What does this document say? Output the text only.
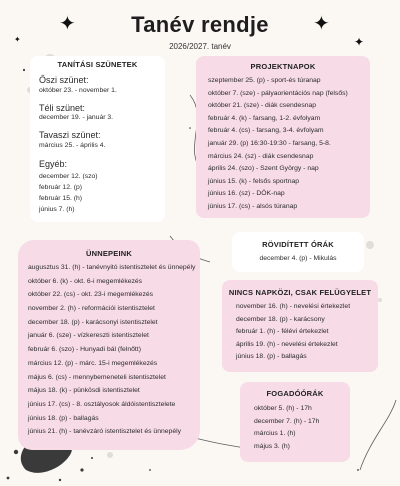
✦	✦
✦
✦
Tanév rendje
2026/2027. tanév
TANÍTÁSI SZÜNETEK
Őszi szünet:
október 23. - november 1.
Téli szünet:
december 19. - január 3.
Tavaszi szünet:
március 25. - április 4.
Egyéb:
december 12. (szo)
február 12. (p)
február 15. (h)
június 7. (h)
PROJEKTNAPOK
szeptember 25. (p) - sport-és túranap
október 7. (sze) - pályaorientációs nap (felsős)
október 21. (sze) - diák csendesnap
február 4. (k) - farsang, 1-2. évfolyam
február 4. (cs) - farsang, 3-4. évfolyam
január 29. (p) 16:30-19:30 - farsang, 5-8.
március 24. (sz) - diák csendesnap
április 24. (szo) - Szent György - nap
június 15. (k) - felsős sportnap
június 16. (sz) - DÖK-nap
június 17. (cs) - alsós túranap
RÖVIDÍTETT ÓRÁK
december 4. (p) - Mikulás
ÜNNEPEINK
augusztus 31. (h) - tanévnyitó istentisztelet és ünnepély
október 6. (k) - okt. 6-i megemlékezés
október 22. (cs) - okt. 23-i megemlékezés
november 2. (h) - reformációi istentisztelet
december 18. (p) - karácsonyi istentisztelet
január 6. (sze) - vízkereszti istentisztelet
február 6. (szo) - Hunyadi bál (felnőtt)
március 12. (p) - márc. 15-i megemlékezés
május 6. (cs) - mennybemeneteli istentisztelet
május 18. (k) - pünkösdi istentisztelet
június 17. (cs) - 8. osztályosok áldóistentisztelete
június 18. (p) - ballagás
június 21. (h) - tanévzáró istentisztelet és ünnepély
NINCS NAPKÖZI, CSAK FELÜGYELET
november 16. (h) - nevelési értekezlet
december 18. (p) - karácsony
február 1. (h) - félévi értekezlet
április 19. (h) - nevelési értekezlet
június 18. (p) - ballagás
FOGADÓÓRÁK
október 5. (h) - 17h
december 7. (h) - 17h
március 1. (h)
május 3. (h)
